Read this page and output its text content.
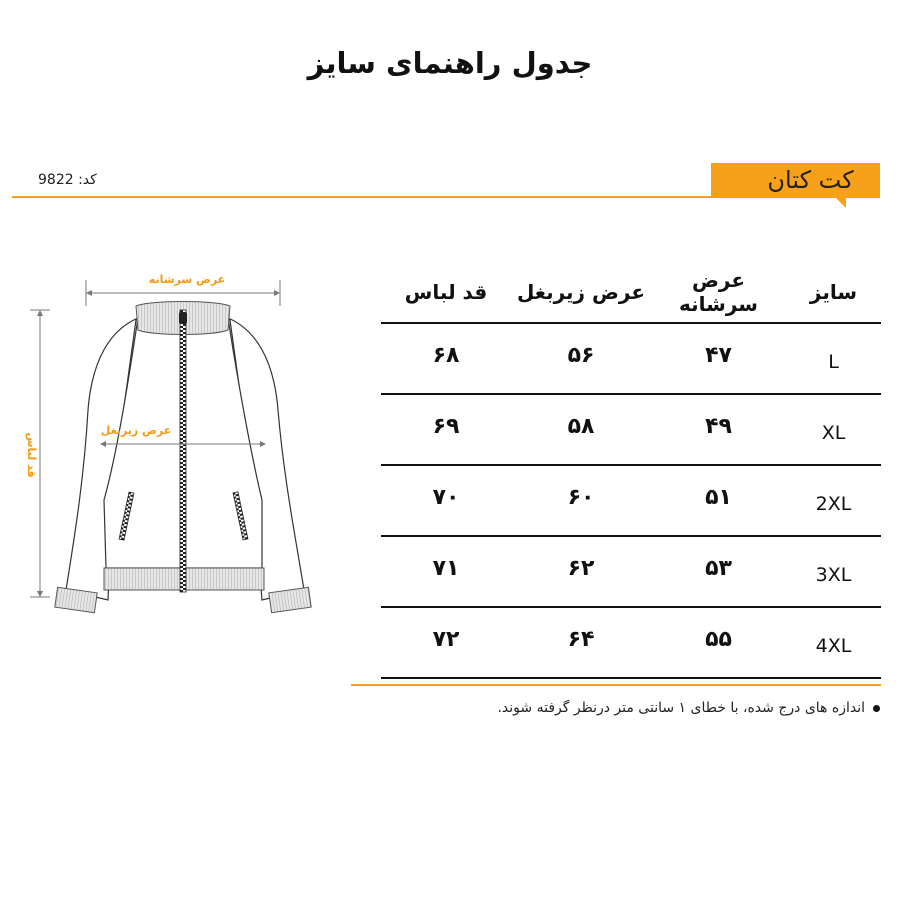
جدول راهنمای سایز
کت کتان
کد: 9822
عرض سرشانه
قد لباس
عرض زیربغل
سایز	عرض سرشانه	عرض زیربغل	قد لباس
L	۴۷	۵۶	۶۸
XL	۴۹	۵۸	۶۹
2XL	۵۱	۶۰	۷۰
3XL	۵۳	۶۲	۷۱
4XL	۵۵	۶۴	۷۲
اندازه های درج شده، با خطای ۱ سانتی متر درنظر گرفته شوند.
